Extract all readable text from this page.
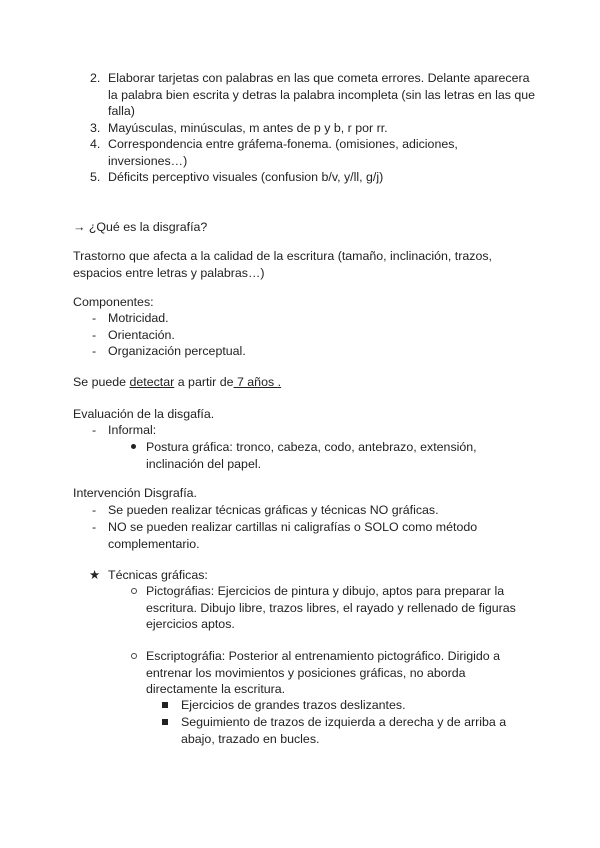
2. Elaborar tarjetas con palabras en las que cometa errores. Delante aparecera
la palabra bien escrita y detras la palabra incompleta (sin las letras en las que
falla)
3. Mayúsculas, minúsculas, m antes de p y b, r por rr.
4. Correspondencia entre gráfema-fonema. (omisiones, adiciones,
inversiones…)
5. Déficits perceptivo visuales (confusion b/v, y/ll, g/j)
→ ¿Qué es la disgrafía?
Trastorno que afecta a la calidad de la escritura (tamaño, inclinación, trazos,
espacios entre letras y palabras…)
Componentes:
- Motricidad.
- Orientación.
- Organización perceptual.
Se puede detectar a partir de 7 años .
Evaluación de la disgafía.
- Informal:
Postura gráfica: tronco, cabeza, codo, antebrazo, extensión,
inclinación del papel.
Intervención Disgrafía.
- Se pueden realizar técnicas gráficas y técnicas NO gráficas.
- NO se pueden realizar cartillas ni caligrafías o SOLO como método
complementario.
★ Técnicas gráficas:
Pictográfias: Ejercicios de pintura y dibujo, aptos para preparar la
escritura. Dibujo libre, trazos libres, el rayado y rellenado de figuras
ejercicios aptos.
Escriptográfia: Posterior al entrenamiento pictográfico. Dirigido a
entrenar los movimientos y posiciones gráficas, no aborda
directamente la escritura.
Ejercicios de grandes trazos deslizantes.
Seguimiento de trazos de izquierda a derecha y de arriba a
abajo, trazado en bucles.
